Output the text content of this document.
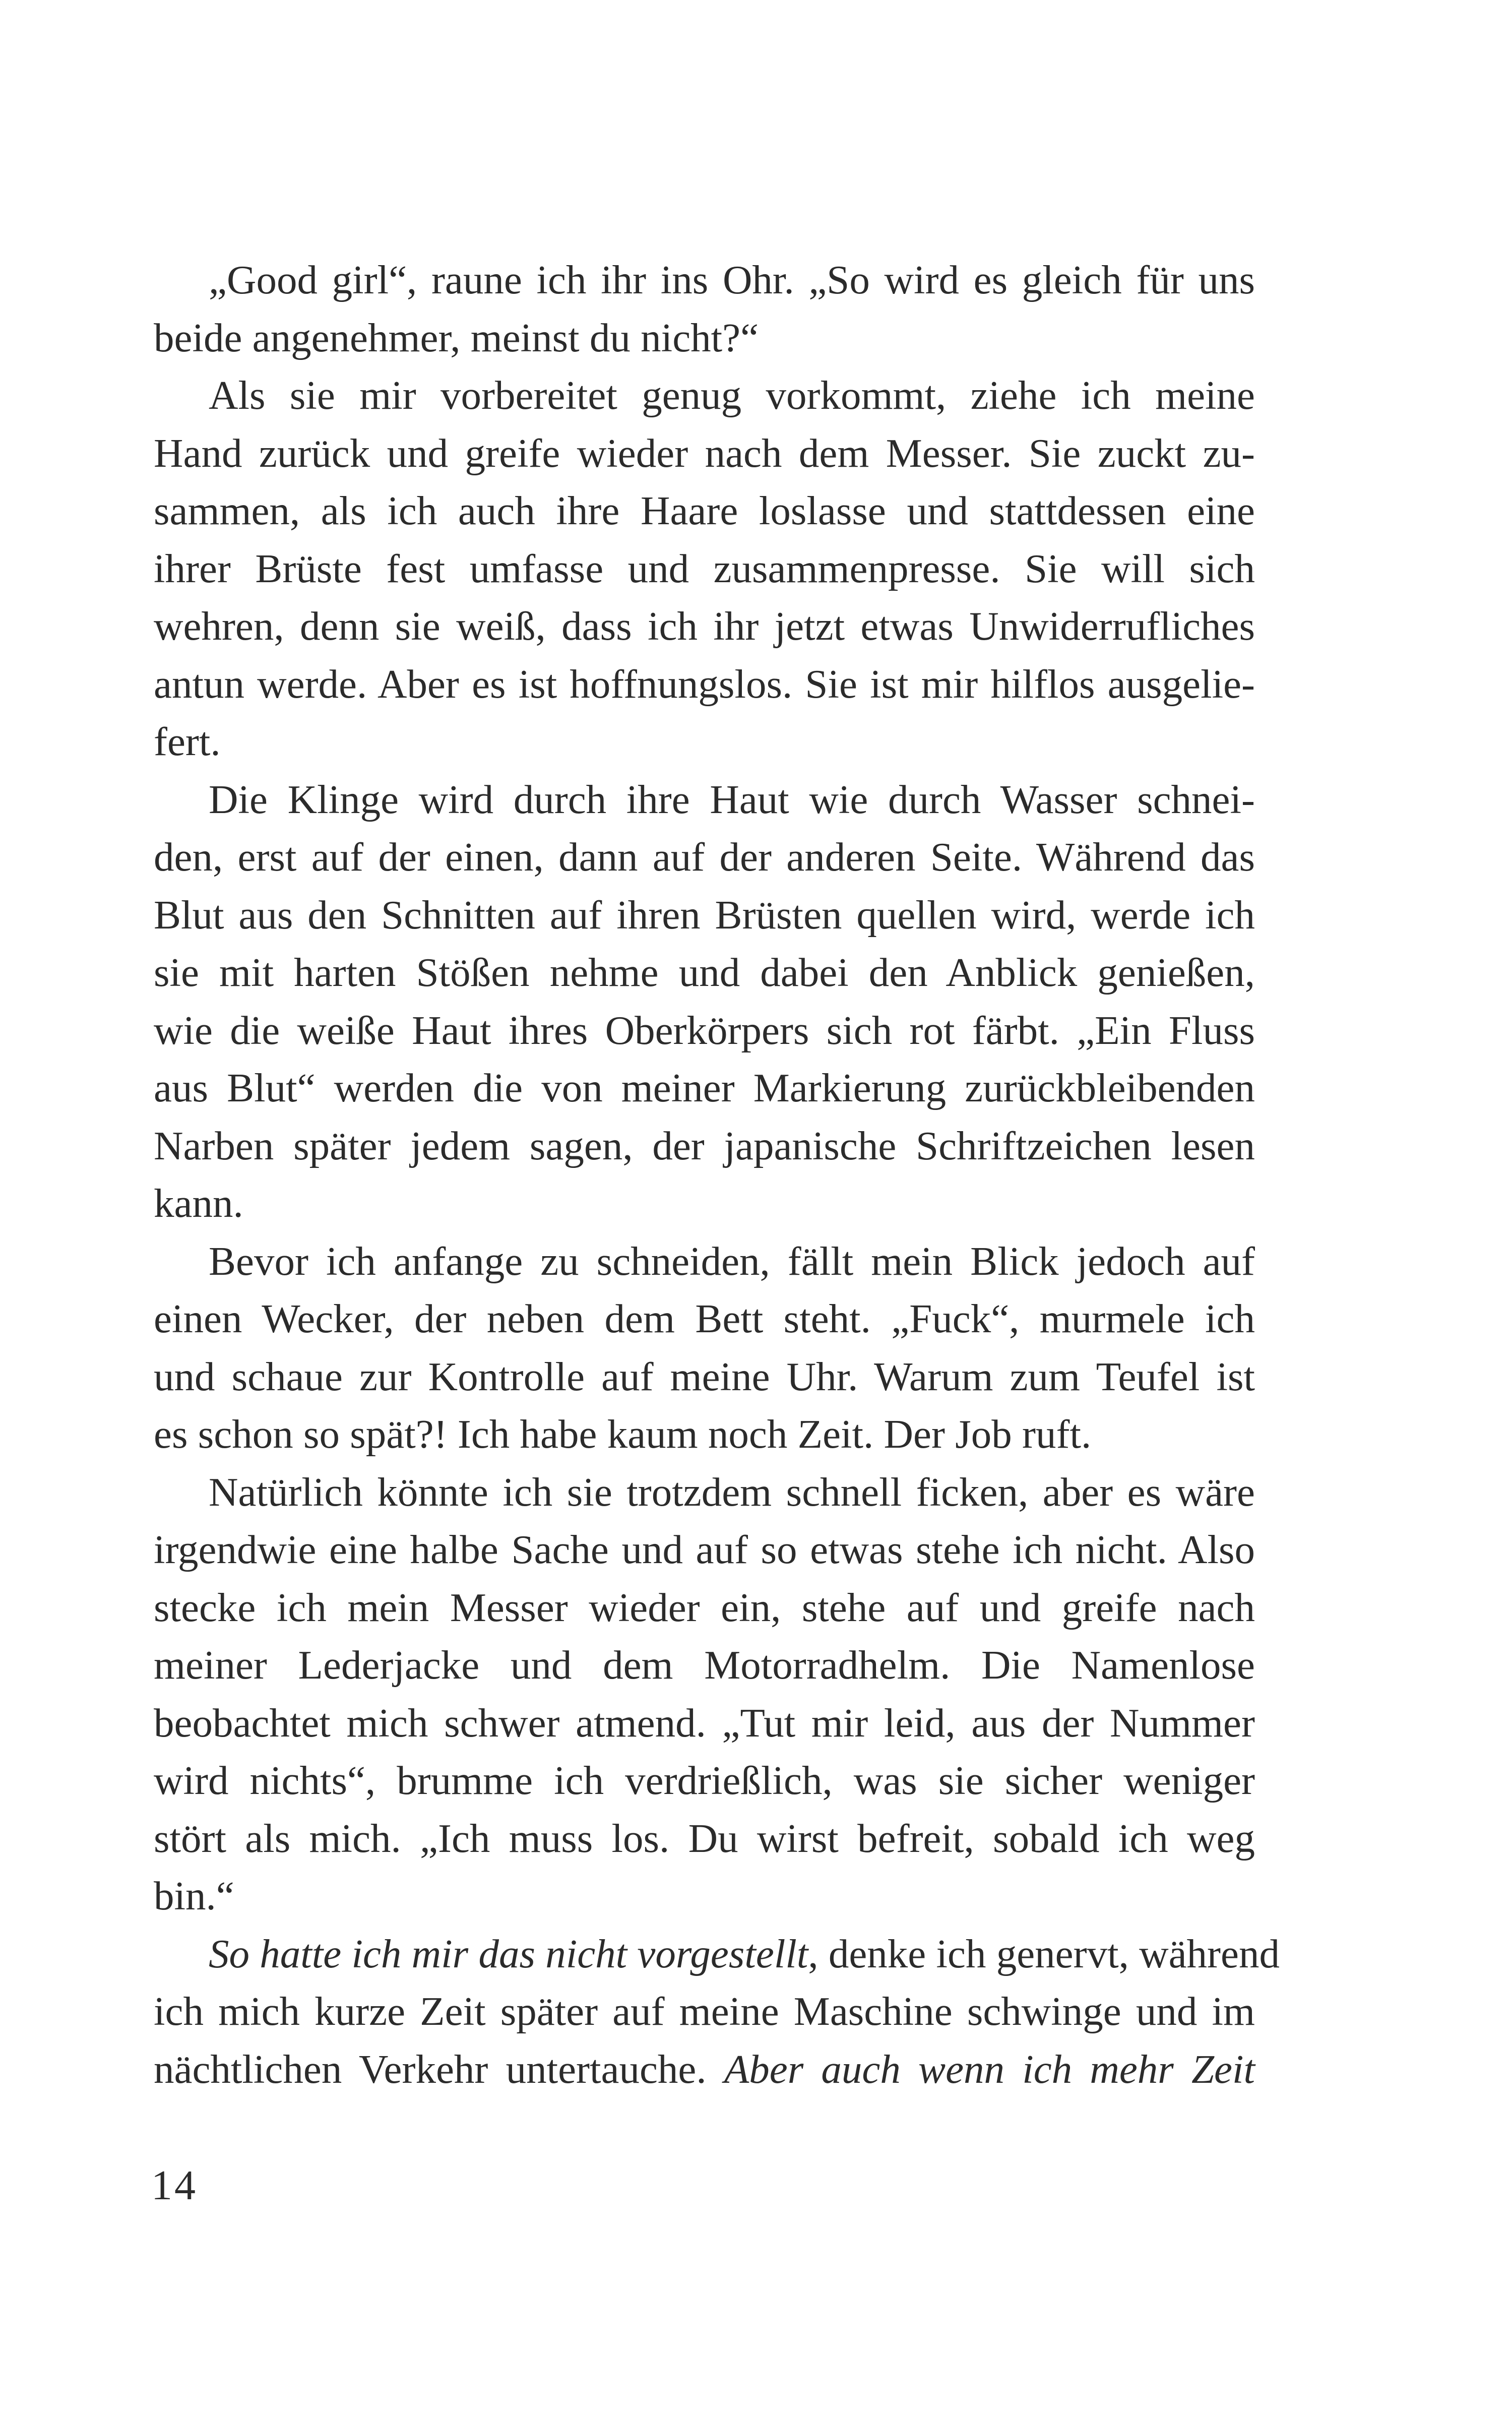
„Good girl“, raune ich ihr ins Ohr. „So wird es gleich für uns
beide angenehmer, meinst du nicht?“
Als sie mir vorbereitet genug vorkommt, ziehe ich meine
Hand zurück und greife wieder nach dem Messer. Sie zuckt zu-
sammen, als ich auch ihre Haare loslasse und stattdessen eine
ihrer Brüste fest umfasse und zusammenpresse. Sie will sich
wehren, denn sie weiß, dass ich ihr jetzt etwas Unwiderrufliches
antun werde. Aber es ist hoffnungslos. Sie ist mir hilflos ausgelie-
fert.
Die Klinge wird durch ihre Haut wie durch Wasser schnei-
den, erst auf der einen, dann auf der anderen Seite. Während das
Blut aus den Schnitten auf ihren Brüsten quellen wird, werde ich
sie mit harten Stößen nehme und dabei den Anblick genießen,
wie die weiße Haut ihres Oberkörpers sich rot färbt. „Ein Fluss
aus Blut“ werden die von meiner Markierung zurückbleibenden
Narben später jedem sagen, der japanische Schriftzeichen lesen
kann.
Bevor ich anfange zu schneiden, fällt mein Blick jedoch auf
einen Wecker, der neben dem Bett steht. „Fuck“, murmele ich
und schaue zur Kontrolle auf meine Uhr. Warum zum Teufel ist
es schon so spät?! Ich habe kaum noch Zeit. Der Job ruft.
Natürlich könnte ich sie trotzdem schnell ficken, aber es wäre
irgendwie eine halbe Sache und auf so etwas stehe ich nicht. Also
stecke ich mein Messer wieder ein, stehe auf und greife nach
meiner Lederjacke und dem Motorradhelm. Die Namenlose
beobachtet mich schwer atmend. „Tut mir leid, aus der Nummer
wird nichts“, brumme ich verdrießlich, was sie sicher weniger
stört als mich. „Ich muss los. Du wirst befreit, sobald ich weg
bin.“
So hatte ich mir das nicht vorgestellt, denke ich genervt, während
ich mich kurze Zeit später auf meine Maschine schwinge und im
nächtlichen Verkehr untertauche. Aber auch wenn ich mehr Zeit
14
